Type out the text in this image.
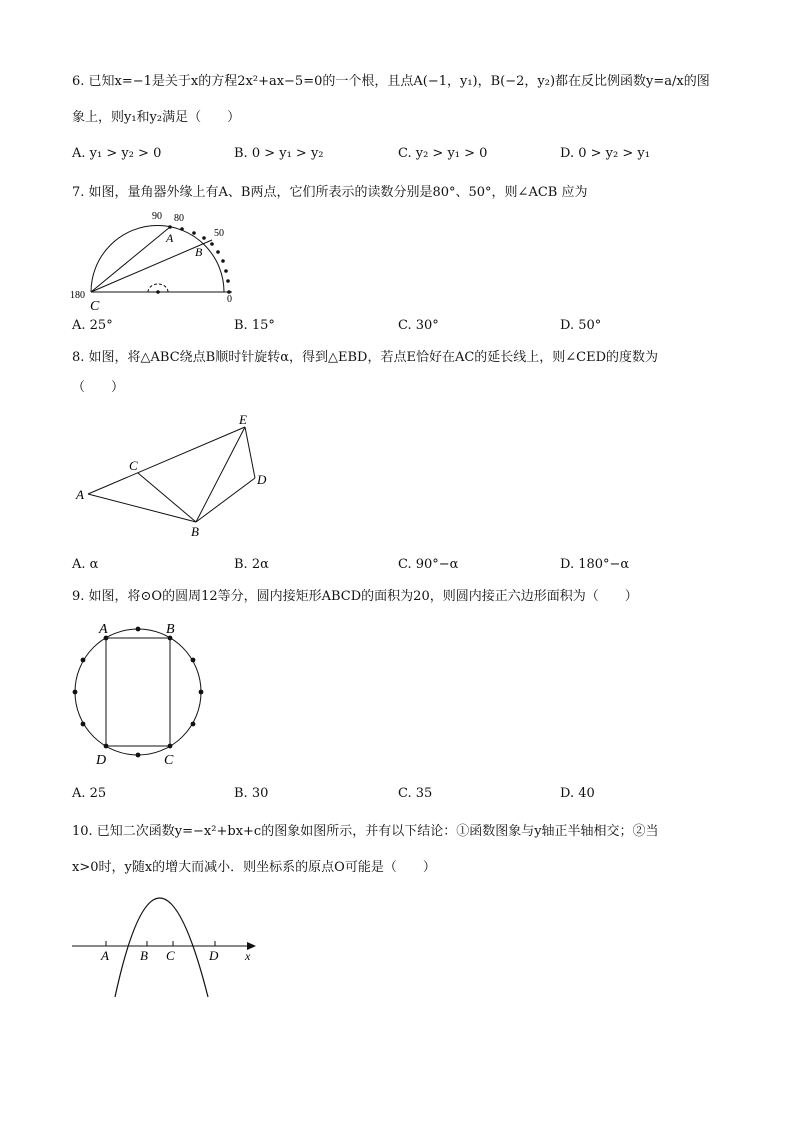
6. 已知x=−1是关于x的方程2x²+ax−5=0的一个根，且点A(−1，y₁)，B(−2，y₂)都在反比例函数y=a/x的图
象上，则y₁和y₂满足（　　）
A. y₁ > y₂ > 0	B. 0 > y₁ > y₂	C. y₂ > y₁ > 0	D. 0 > y₂ > y₁
7. 如图，量角器外缘上有A、B两点，它们所表示的读数分别是80°、50°，则∠ACB 应为
90 80
50
180	0
A
B
C
A. 25°	B. 15°	C. 30°	D. 50°
8. 如图，将△ABC绕点B顺时针旋转α，得到△EBD，若点E恰好在AC的延长线上，则∠CED的度数为
（　　）
A
B
C
D
E
A. α	B. 2α	C. 90°−α	D. 180°−α
9. 如图，将⊙O的圆周12等分，圆内接矩形ABCD的面积为20，则圆内接正六边形面积为（　　）
A	B
C
D
A. 25	B. 30	C. 35	D. 40
10. 已知二次函数y=−x²+bx+c的图象如图所示，并有以下结论：①函数图象与y轴正半轴相交；②当
x>0时，y随x的增大而减小．则坐标系的原点O可能是（　　）
A B C	D x
